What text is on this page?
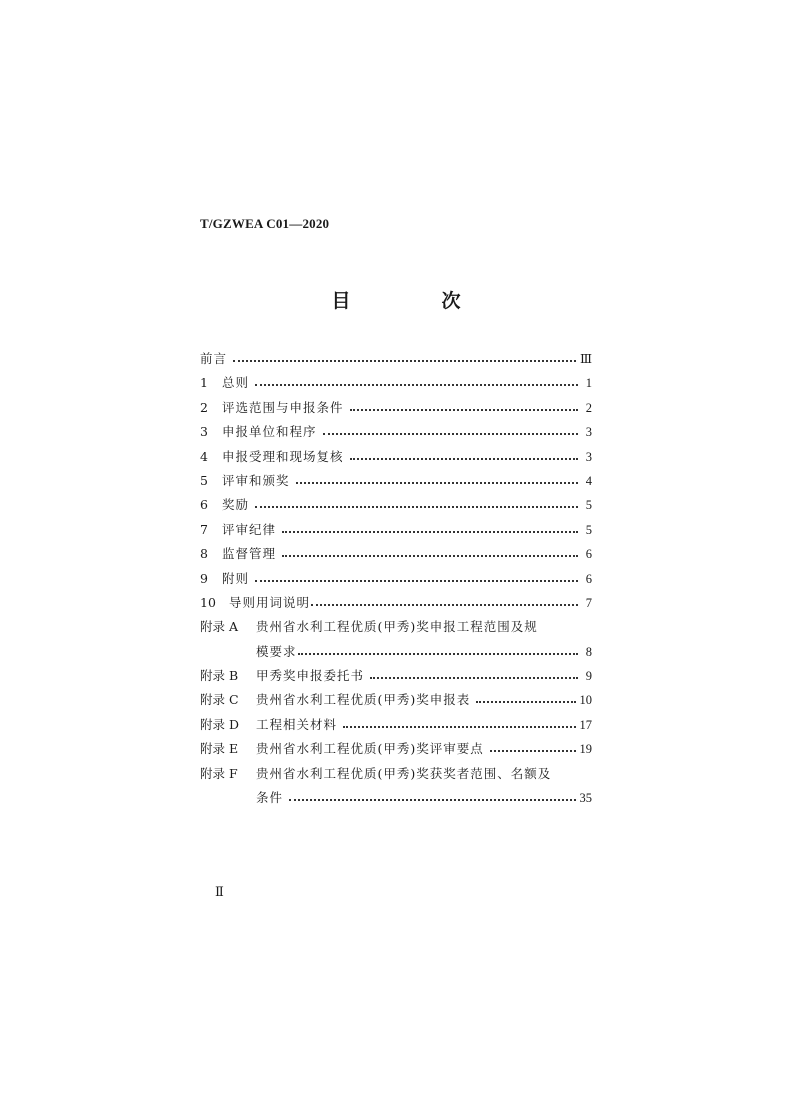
T/GZWEA C01—2020
目　次
前言	Ⅲ
1	总则	1
2	评选范围与申报条件	2
3	申报单位和程序	3
4	申报受理和现场复核	3
5	评审和颁奖	4
6	奖励	5
7	评审纪律	5
8	监督管理	6
9	附则	6
10	导则用词说明	7
附录 A	贵州省水利工程优质(甲秀)奖申报工程范围及规
模要求	8
附录 B	甲秀奖申报委托书	9
附录 C	贵州省水利工程优质(甲秀)奖申报表	10
附录 D	工程相关材料	17
附录 E	贵州省水利工程优质(甲秀)奖评审要点	19
附录 F	贵州省水利工程优质(甲秀)奖获奖者范围、名额及
条件	35
Ⅱ
